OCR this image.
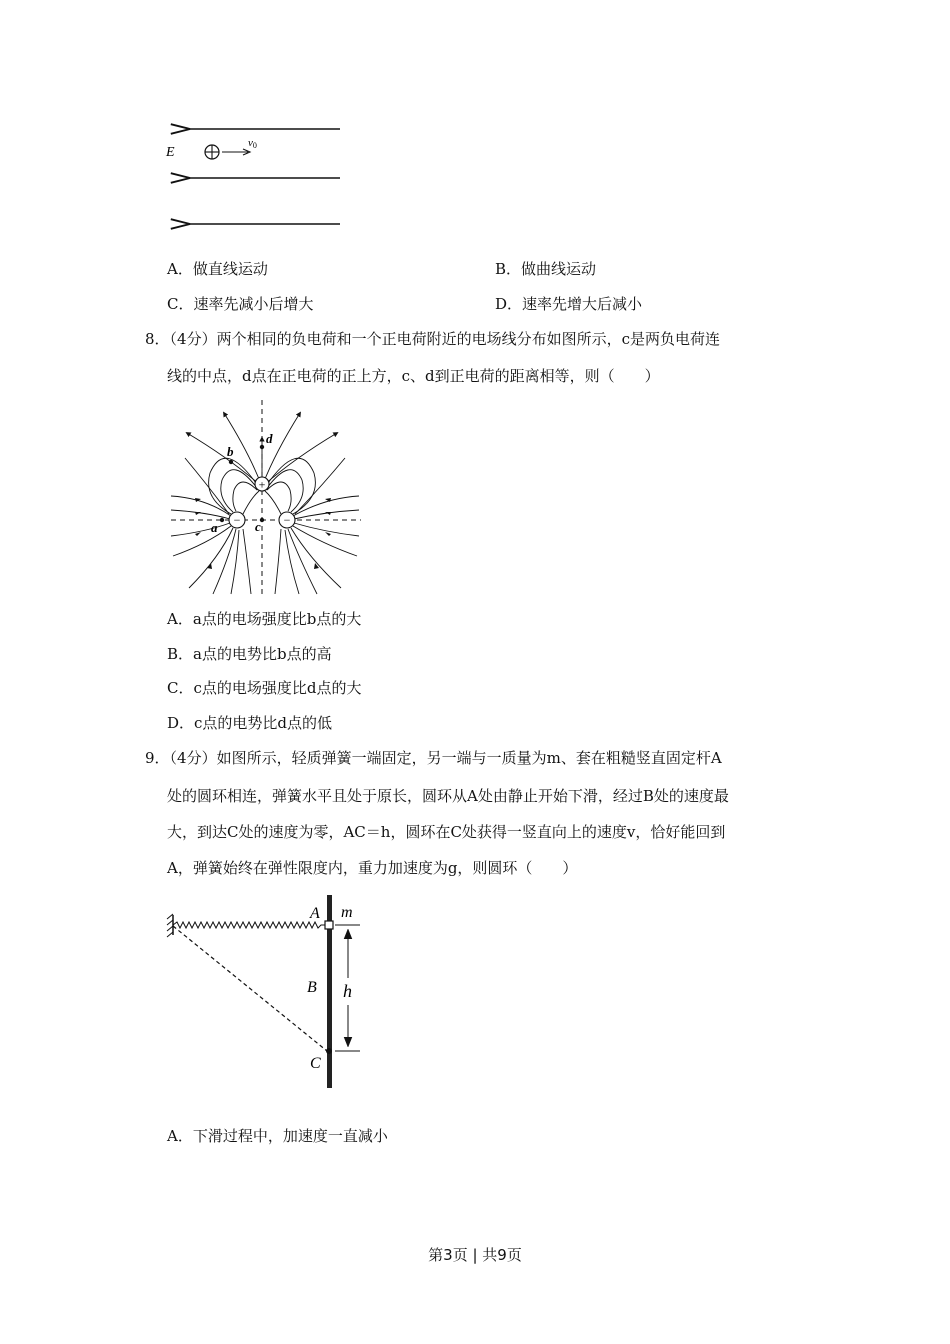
E
v0
A．做直线运动	B．做曲线运动
C．速率先减小后增大	D．速率先增大后减小
8．（4分）两个相同的负电荷和一个正电荷附近的电场线分布如图所示，c是两负电荷连
线的中点，d点在正电荷的正上方，c、d到正电荷的距离相等，则（　　）
+
−	−
d
b
c
a
A．a点的电场强度比b点的大
B．a点的电势比b点的高
C．c点的电场强度比d点的大
D．c点的电势比d点的低
9．（4分）如图所示，轻质弹簧一端固定，另一端与一质量为m、套在粗糙竖直固定杆A
处的圆环相连，弹簧水平且处于原长，圆环从A处由静止开始下滑，经过B处的速度最
大，到达C处的速度为零，AC＝h，圆环在C处获得一竖直向上的速度v，恰好能回到
A，弹簧始终在弹性限度内，重力加速度为g，则圆环（　　）
A m
B h
C
A．下滑过程中，加速度一直减小
第3页 | 共9页
